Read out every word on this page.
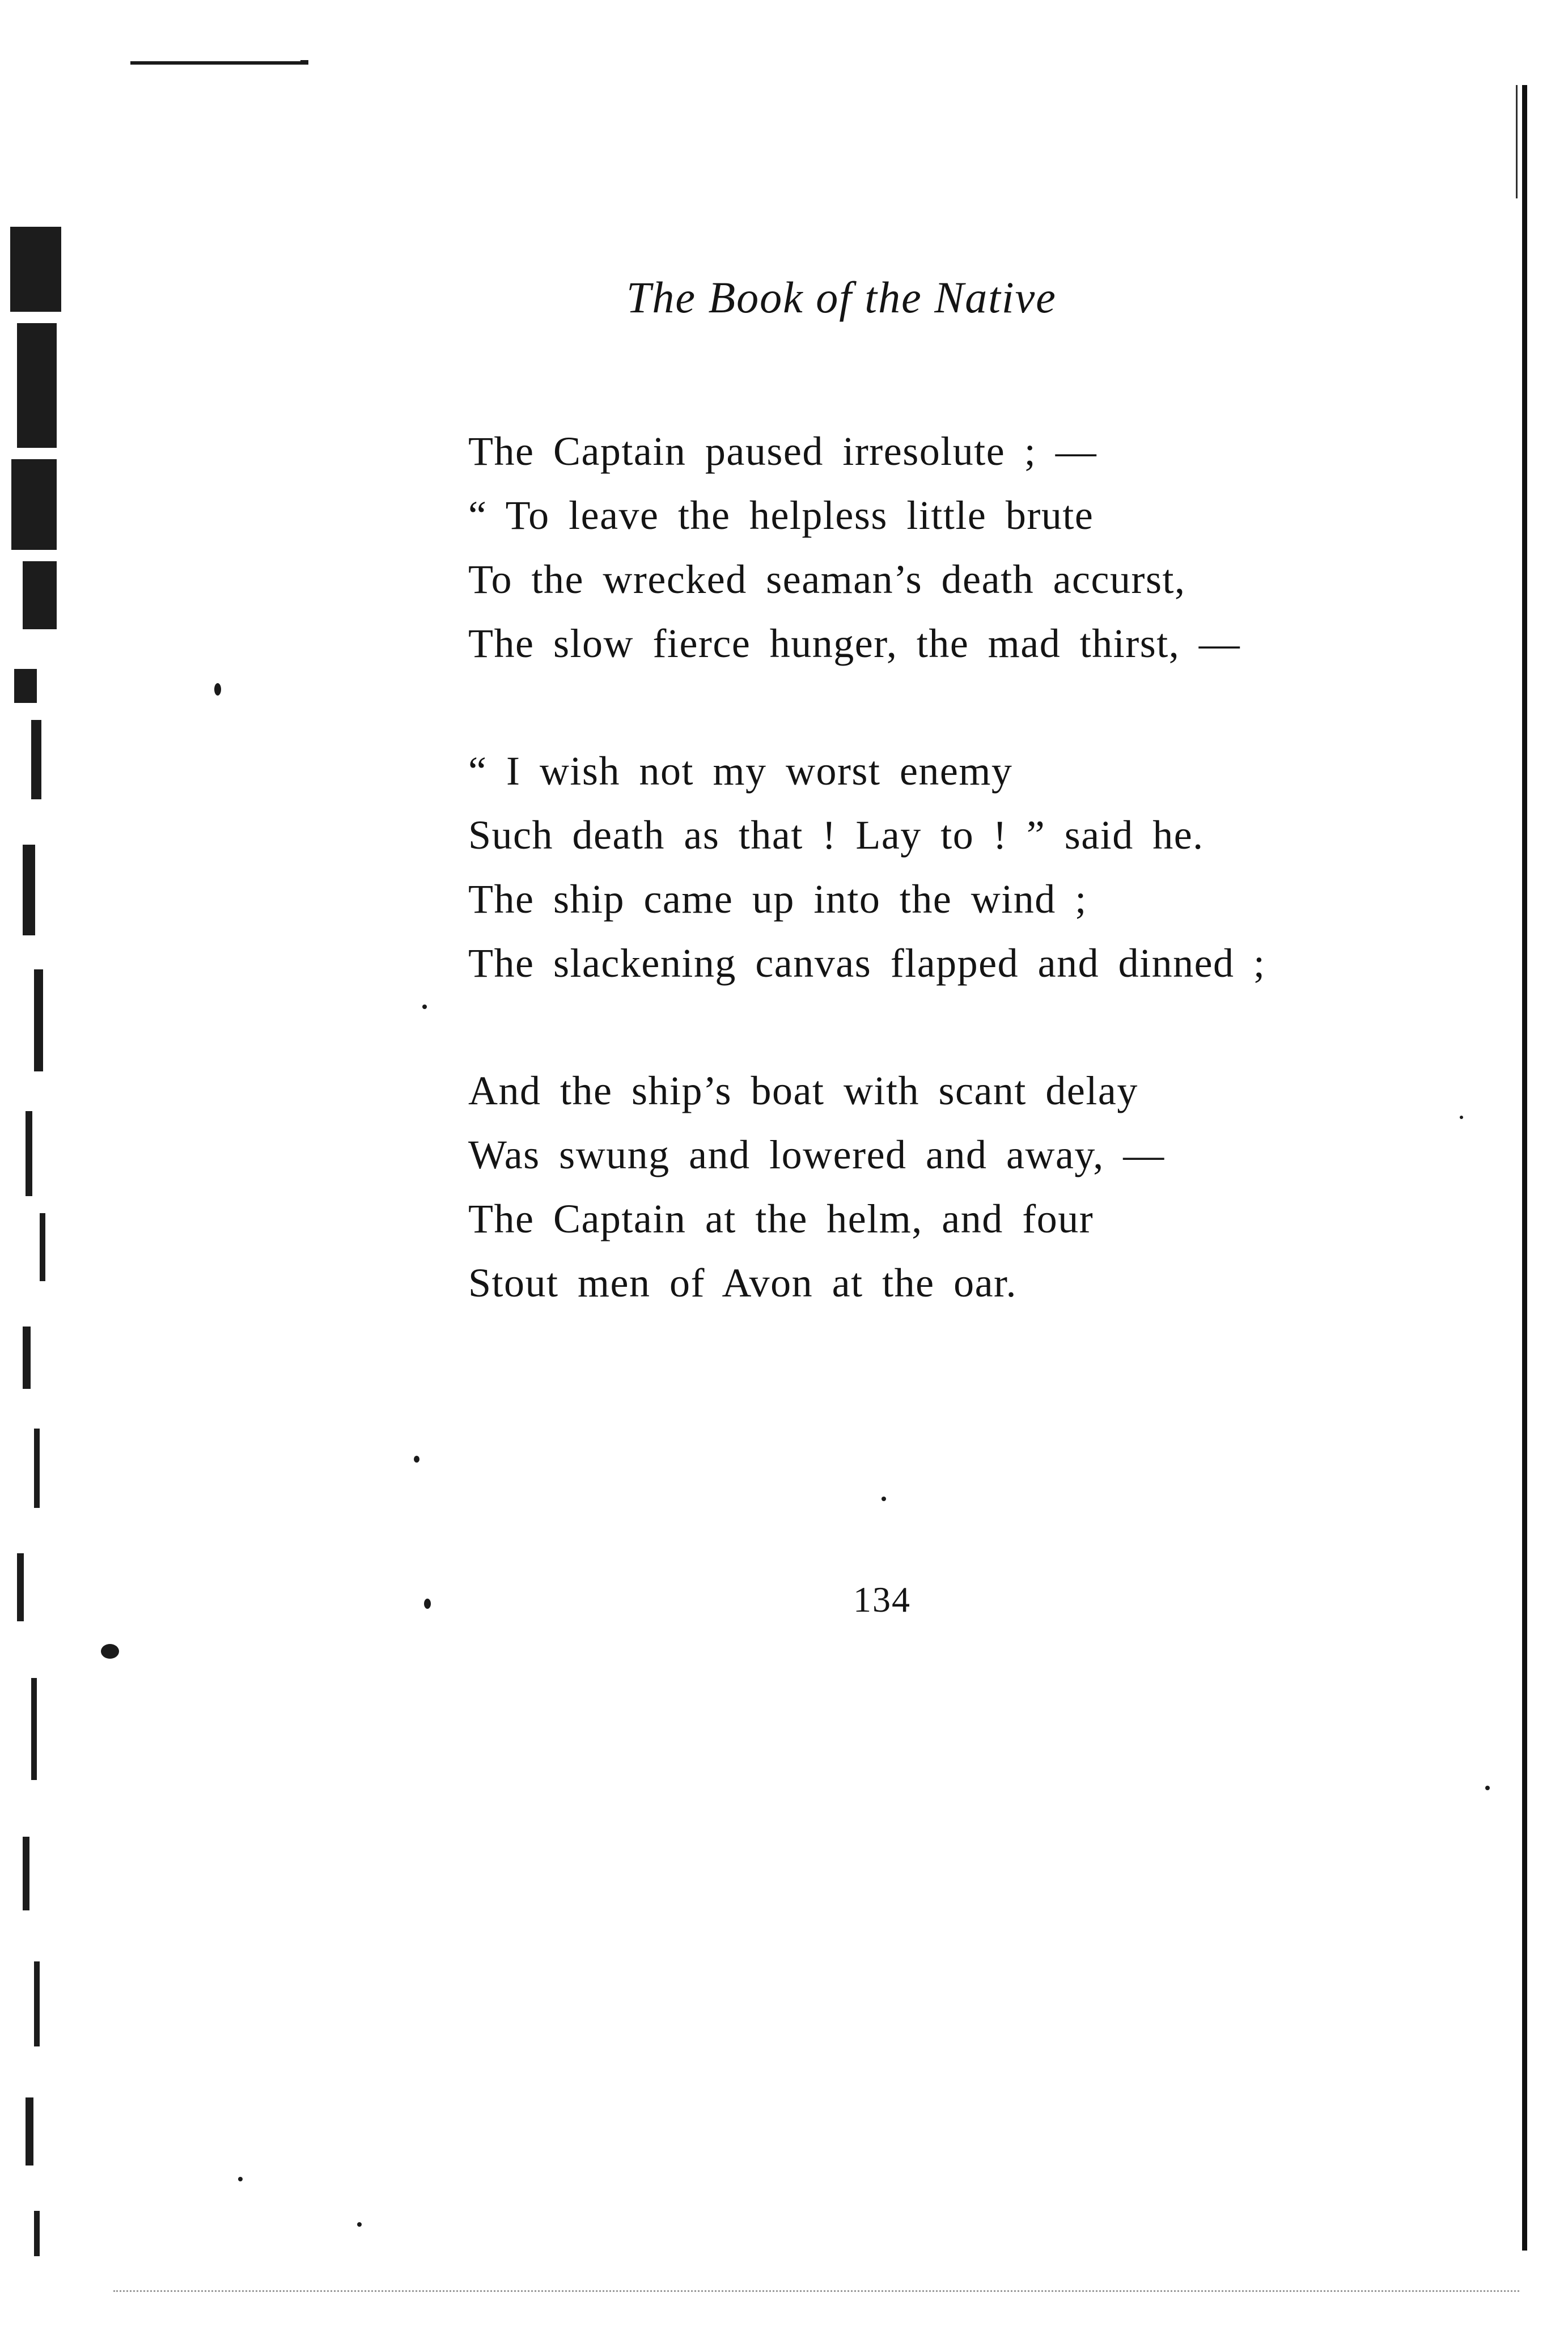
The Book of the Native
The Captain paused irresolute ; —
“ To leave the helpless little brute
To the wrecked seaman’s death accurst,
The slow fierce hunger, the mad thirst, —
“ I wish not my worst enemy
Such death as that ! Lay to ! ” said he.
The ship came up into the wind ;
The slackening canvas flapped and dinned ;
And the ship’s boat with scant delay
Was swung and lowered and away, —
The Captain at the helm, and four
Stout men of Avon at the oar.
134
